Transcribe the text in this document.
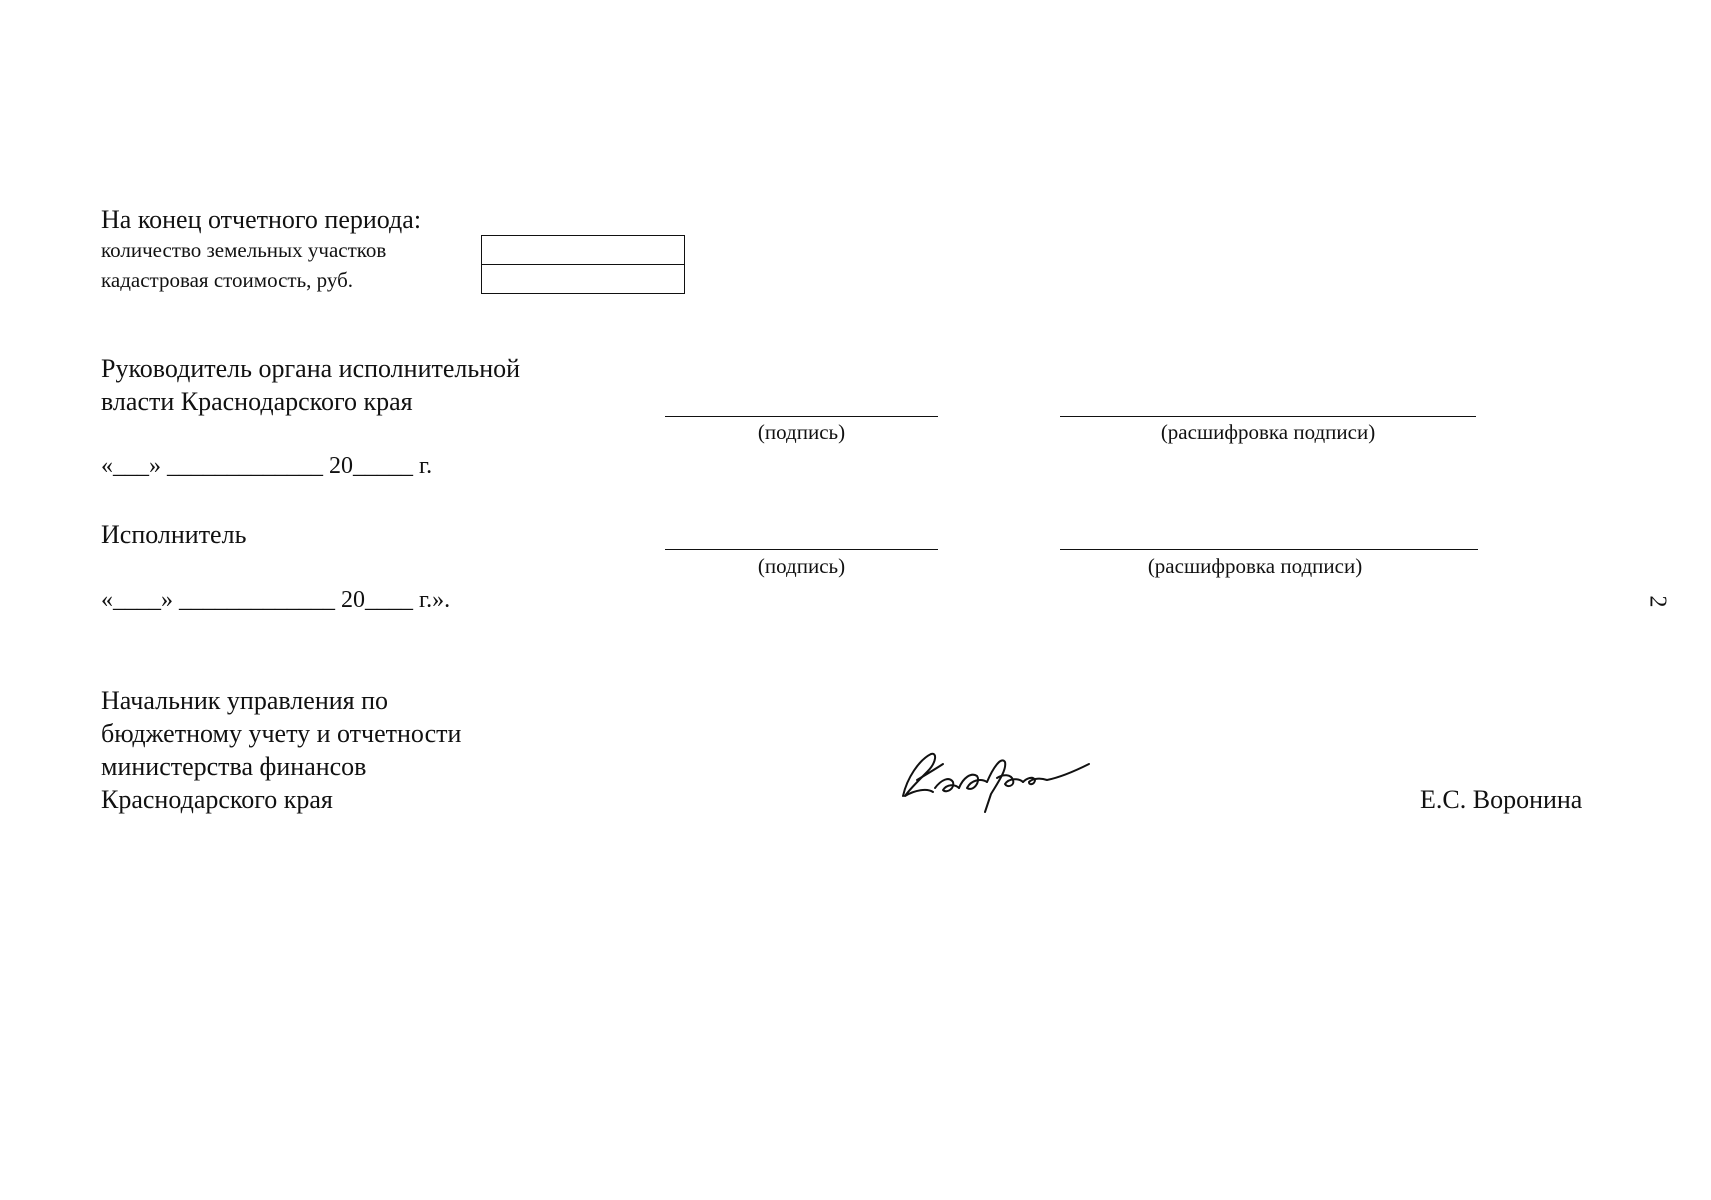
На конец отчетного периода:
количество земельных участков
кадастровая стоимость, руб.
Руководитель органа исполнительной
власти Краснодарского края
(подпись)	(расшифровка подписи)
«___» _____________ 20_____ г.
Исполнитель
(подпись)	(расшифровка подписи)
«____» _____________ 20____ г.».	2
Начальник управления по
бюджетному учету и отчетности
министерства финансов
Краснодарского края	Е.С. Воронина
